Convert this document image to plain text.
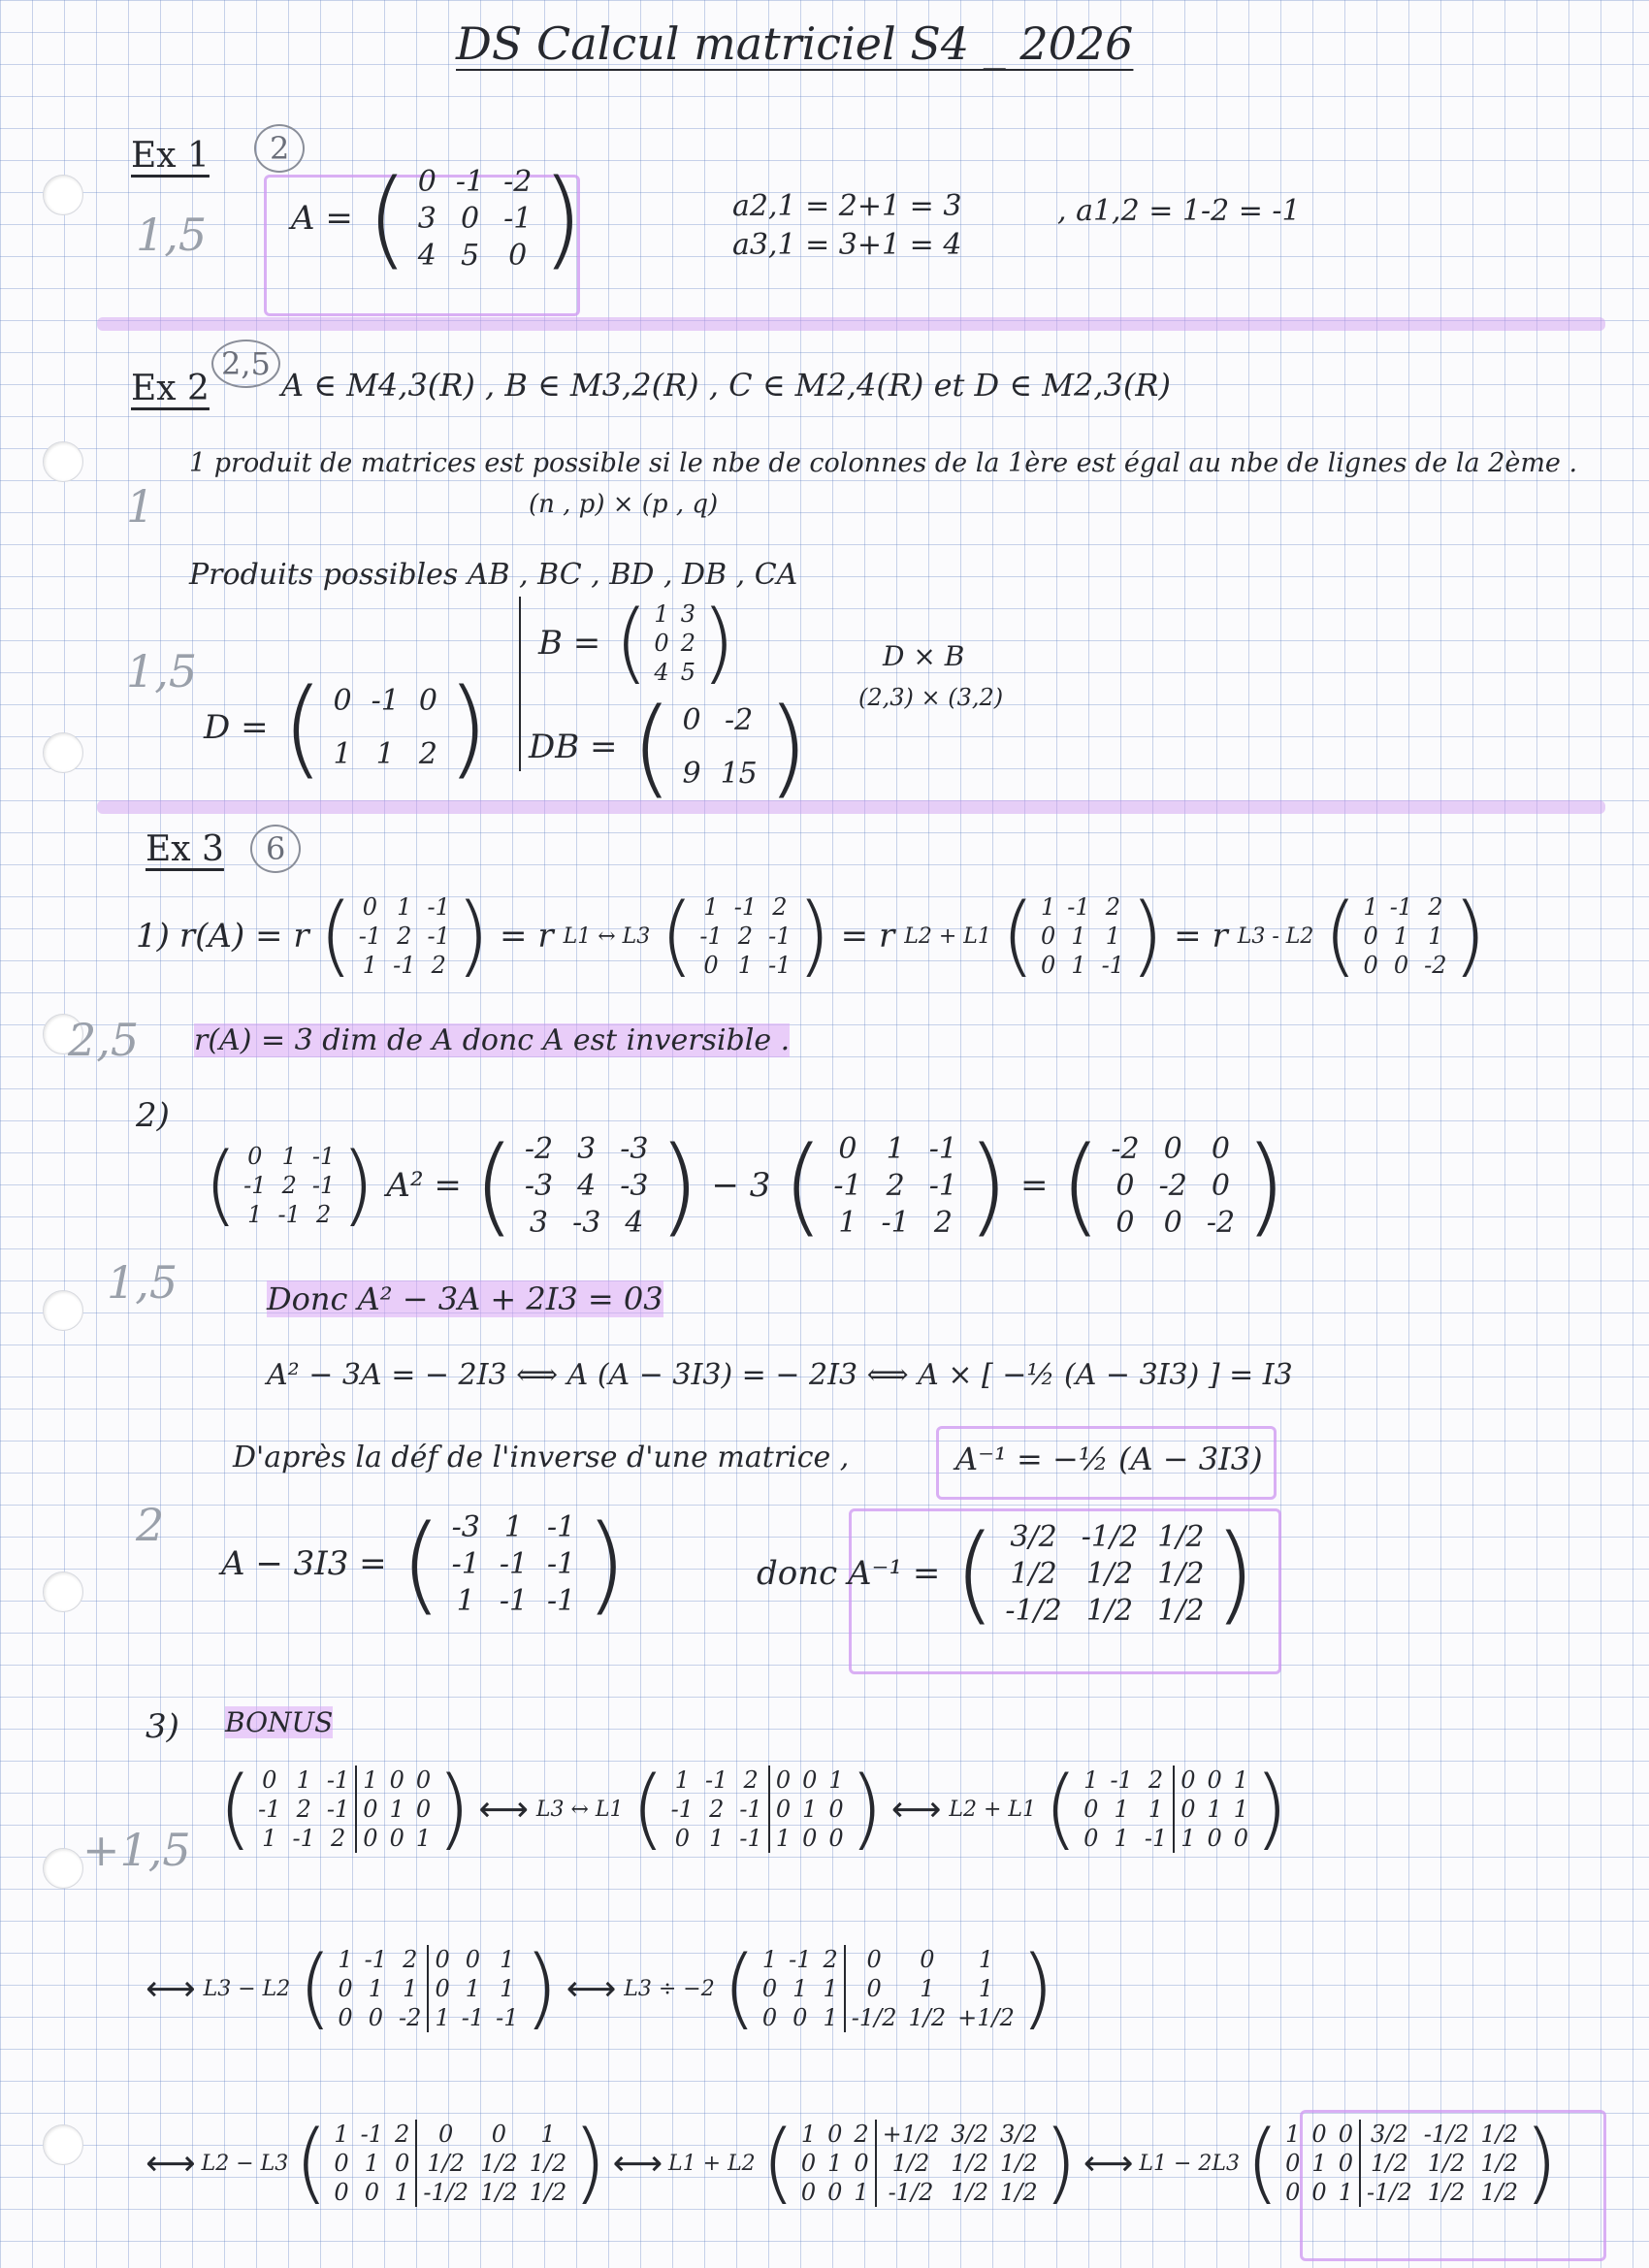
DS Calcul matriciel S4 _ 2026
Ex 1	2
1,5	A = ( 0	-1	-2
3	0	-1
4	5	0 )	a2,1 = 2+1 = 3
a3,1 = 3+1 = 4
, a1,2 = 1-2 = -1
Ex 2
2,5
A ∈ M4,3(R) , B ∈ M3,2(R) , C ∈ M2,4(R) et D ∈ M2,3(R)
1
1 produit de matrices est possible si le nbe de colonnes de la 1ère est égal au nbe de lignes de la 2ème .
(n , p) × (p , q)
Produits possibles AB , BC , BD , DB , CA
1,5
D = ( 0	-1	0
1	1	2 )
B = ( 1	3
0	2
4	5 )
DB = ( 0	-2
9	15 )
D × B
(2,3) × (3,2)
Ex 3	6
1) r(A) = r ( 0	1	-1
-1	2	-1
1	-1	2 ) = r L1 ↔ L3 ( 1	-1	2
-1	2	-1
0	1	-1 ) = r L2 + L1 ( 1	-1	2
0	1	1
0	1	-1 ) = r L3 - L2 ( 1	-1	2
0	1	1
0	0	-2 )
2,5 r(A) = 3 dim de A donc A est inversible .
2)
( 0	1	-1
-1	2	-1
1	-1	2 ) A² = ( -2	3	-3
-3	4	-3
3	-3	4 ) − 3 ( 0	1	-1
-1	2	-1
1	-1	2 ) = ( -2	0	0
0	-2	0
0	0	-2 )
1,5	Donc A² − 3A + 2I3 = 03
A² − 3A = − 2I3 ⟺ A (A − 3I3) = − 2I3 ⟺ A × [ −½ (A − 3I3) ] = I3
D'après la déf de l'inverse d'une matrice ,	A⁻¹ = −½ (A − 3I3)
2
A − 3I3 = ( -3	1	-1
-1	-1	-1
1	-1	-1 )	donc A⁻¹ = ( 3/2	-1/2	1/2
1/2	1/2	1/2
-1/2	1/2	1/2 )
3)	BONUS
+1,5 ( 0	1	-1	1	0	0
-1	2	-1	0	1	0
1	-1	2	0	0	1 ) ⟷ L3 ↔ L1 ( 1	-1	2	0	0	1
-1	2	-1	0	1	0
0	1	-1	1	0	0 ) ⟷ L2 + L1 ( 1	-1	2	0	0	1
0	1	1	0	1	1
0	1	-1	1	0	0 )
⟷ L3 − L2 ( 1	-1	2	0	0	1
0	1	1	0	1	1
0	0	-2	1	-1	-1 ) ⟷ L3 ÷ −2 ( 1	-1	2	0	0	1
0	1	1	0	1	1
0	0	1	-1/2	1/2	+1/2 )
⟷ L2 − L3 ( 1	-1	2	0	0	1
0	1	0	1/2	1/2	1/2
0	0	1	-1/2	1/2	1/2 ) ⟷ L1 + L2 ( 1	0	2	+1/2	3/2	3/2
0	1	0	1/2	1/2	1/2
0	0	1	-1/2	1/2	1/2 ) ⟷ L1 − 2L3 ( 1	0	0	3/2	-1/2	1/2
0	1	0	1/2	1/2	1/2
0	0	1	-1/2	1/2	1/2 )
